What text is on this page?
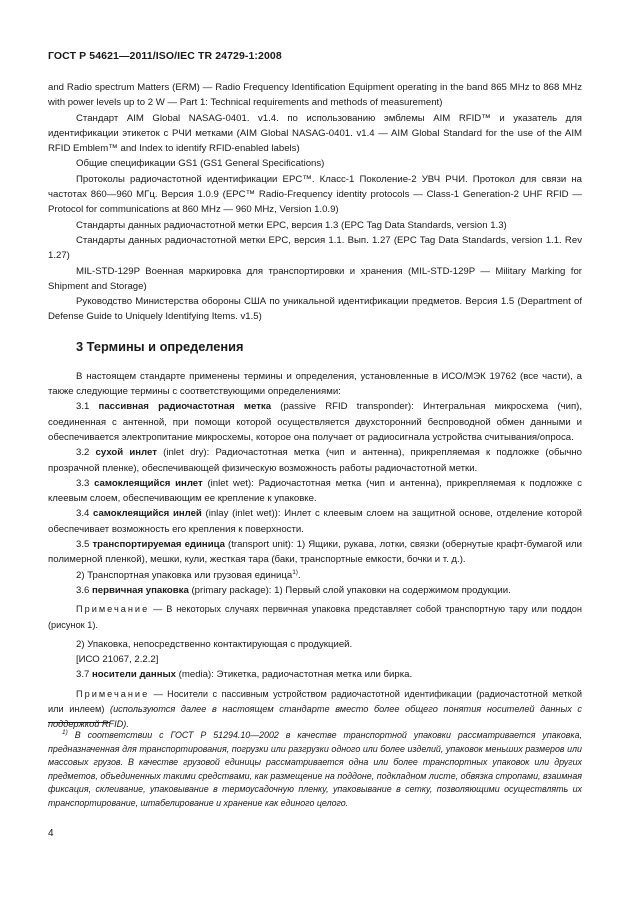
ГОСТ Р 54621—2011/ISO/IEC TR 24729-1:2008

and Radio spectrum Matters (ERM) — Radio Frequency Identification Equipment operating in the band 865 MHz to 868 MHz with power levels up to 2 W — Part 1: Technical requirements and methods of measurement)

Стандарт AIM Global NASAG-0401. v1.4. по использованию эмблемы AIM RFID™ и указатель для идентификации этикеток с РЧИ метками (AIM Global NASAG-0401. v1.4 — AIM Global Standard for the use of the AIM RFID Emblem™ and Index to identify RFID-enabled labels)

Общие спецификации GS1 (GS1 General Specifications)

Протоколы радиочастотной идентификации EPC™. Класс-1 Поколение-2 УВЧ РЧИ. Протокол для связи на частотах 860—960 МГц. Версия 1.0.9 (EPC™ Radio-Frequency identity protocols — Class-1 Generation-2 UHF RFID — Protocol for communications at 860 MHz — 960 MHz, Version 1.0.9)

Стандарты данных радиочастотной метки EPC, версия 1.3 (EPC Tag Data Standards, version 1.3)

Стандарты данных радиочастотной метки EPC, версия 1.1. Вып. 1.27 (EPC Tag Data Standards, version 1.1. Rev 1.27)

MIL-STD-129P Военная маркировка для транспортировки и хранения (MIL-STD-129P — Military Marking for Shipment and Storage)

Руководство Министерства обороны США по уникальной идентификации предметов. Версия 1.5 (Department of Defense Guide to Uniquely Identifying Items. v1.5)

3 Термины и определения

В настоящем стандарте применены термины и определения, установленные в ИСО/МЭК 19762 (все части), а также следующие термины с соответствующими определениями:

3.1 пассивная радиочастотная метка (passive RFID transponder): Интегральная микросхема (чип), соединенная с антенной, при помощи которой осуществляется двухсторонний беспроводной обмен данными и обеспечивается электропитание микросхемы, которое она получает от радиосигнала устройства считывания/опроса.

3.2 сухой инлет (inlet dry): Радиочастотная метка (чип и антенна), прикрепляемая к подложке (обычно прозрачной пленке), обеспечивающей физическую возможность работы радиочастотной метки.

3.3 самоклеящийся инлет (inlet wet): Радиочастотная метка (чип и антенна), прикрепляемая к подложке с клеевым слоем, обеспечивающим ее крепление к упаковке.

3.4 самоклеящийся инлей (inlay (inlet wet)): Инлет с клеевым слоем на защитной основе, отделение которой обеспечивает возможность его крепления к поверхности.

3.5 транспортируемая единица (transport unit): 1) Ящики, рукава, лотки, связки (обернутые крафт-бумагой или полимерной пленкой), мешки, кули, жесткая тара (баки, транспортные емкости, бочки и т. д.).

2) Транспортная упаковка или грузовая единица$^{1)}$.

3.6 первичная упаковка (primary package): 1) Первый слой упаковки на содержимом продукции.

Примечание — В некоторых случаях первичная упаковка представляет собой транспортную тару или поддон (рисунок 1).

2) Упаковка, непосредственно контактирующая с продукцией.

[ИСО 21067, 2.2.2]

3.7 носители данных (media): Этикетка, радиочастотная метка или бирка.

Примечание — Носители с пассивным устройством радиочастотной идентификации (радиочастотной меткой или инлеем) (используются далее в настоящем стандарте вместо более общего понятия носителей данных с поддержкой RFID).

$^{1)}$ В соответствии с ГОСТ Р 51294.10—2002 в качестве транспортной упаковки рассматривается упаковка, предназначенная для транспортирования, погрузки или разгрузки одного или более изделий, упаковок меньших размеров или массовых грузов. В качестве грузовой единицы рассматривается одна или более транспортных упаковок или других предметов, объединенных такими средствами, как размещение на поддоне, подкладном листе, обвязка стропами, взаимная фиксация, склеивание, упаковывание в термоусадочную пленку, упаковывание в сетку, позволяющими осуществлять их транспортирование, штабелирование и хранение как единого целого.
4
